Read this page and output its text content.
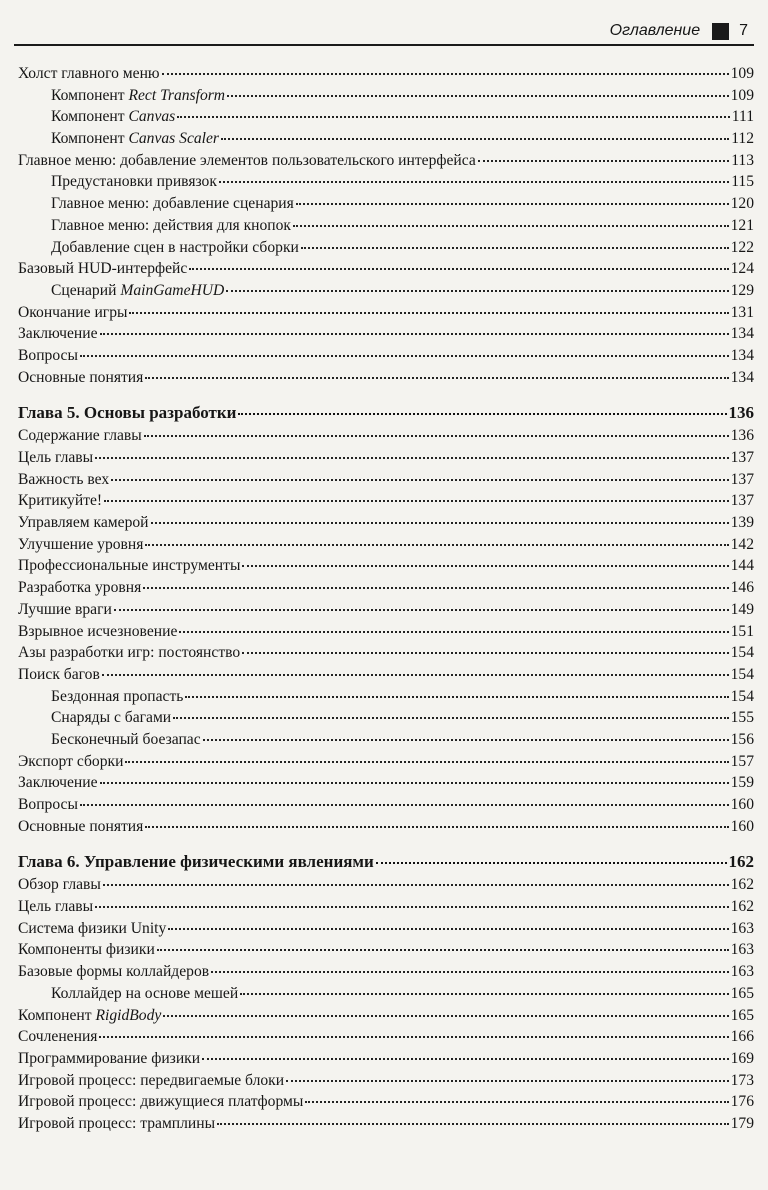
Оглавление 7
Холст главного меню	109
Компонент Rect Transform	109
Компонент Canvas	111
Компонент Canvas Scaler	112
Главное меню: добавление элементов пользовательского интерфейса	113
Предустановки привязок	115
Главное меню: добавление сценария	120
Главное меню: действия для кнопок	121
Добавление сцен в настройки сборки	122
Базовый HUD-интерфейс	124
Сценарий MainGameHUD	129
Окончание игры	131
Заключение	134
Вопросы	134
Основные понятия	134
Глава 5. Основы разработки	136
Содержание главы	136
Цель главы	137
Важность вех	137
Критикуйте!	137
Управляем камерой	139
Улучшение уровня	142
Профессиональные инструменты	144
Разработка уровня	146
Лучшие враги	149
Взрывное исчезновение	151
Азы разработки игр: постоянство	154
Поиск багов	154
Бездонная пропасть	154
Снаряды с багами	155
Бесконечный боезапас	156
Экспорт сборки	157
Заключение	159
Вопросы	160
Основные понятия	160
Глава 6. Управление физическими явлениями	162
Обзор главы	162
Цель главы	162
Система физики Unity	163
Компоненты физики	163
Базовые формы коллайдеров	163
Коллайдер на основе мешей	165
Компонент RigidBody	165
Сочленения	166
Программирование физики	169
Игровой процесс: передвигаемые блоки	173
Игровой процесс: движущиеся платформы	176
Игровой процесс: трамплины	179
